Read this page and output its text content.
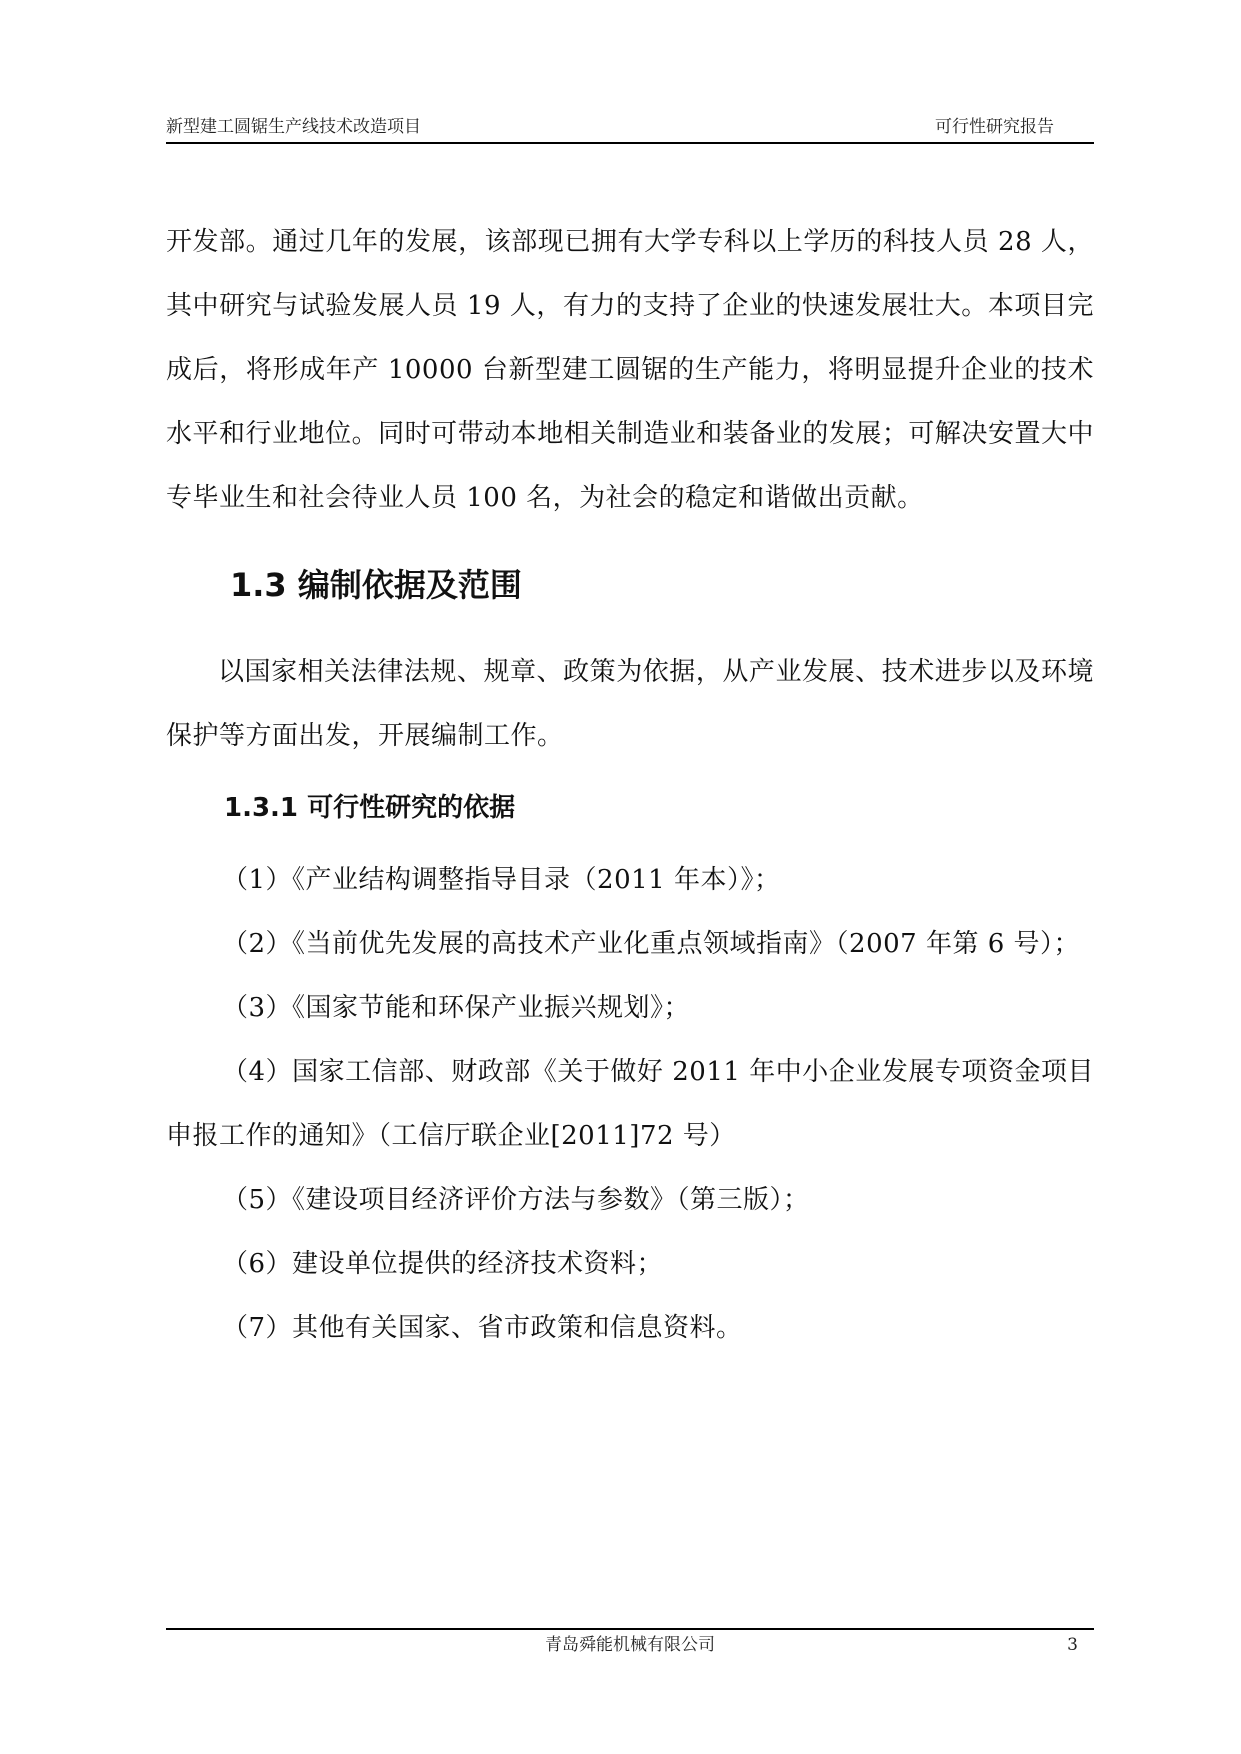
新型建工圆锯生产线技术改造项目	可行性研究报告

开发部。通过几年的发展，该部现已拥有大学专科以上学历的科技人员 28 人，其中研究与试验发展人员 19 人，有力的支持了企业的快速发展壮大。本项目完成后，将形成年产 10000 台新型建工圆锯的生产能力，将明显提升企业的技术水平和行业地位。同时可带动本地相关制造业和装备业的发展；可解决安置大中专毕业生和社会待业人员 100 名，为社会的稳定和谐做出贡献。

1.3 编制依据及范围

以国家相关法律法规、规章、政策为依据，从产业发展、技术进步以及环境保护等方面出发，开展编制工作。

1.3.1 可行性研究的依据

（1）《产业结构调整指导目录（2011 年本）》；

（2）《当前优先发展的高技术产业化重点领域指南》（2007 年第 6 号）；

（3）《国家节能和环保产业振兴规划》；

（4）国家工信部、财政部《关于做好 2011 年中小企业发展专项资金项目申报工作的通知》（工信厅联企业[2011]72 号）

（5）《建设项目经济评价方法与参数》（第三版）；

（6）建设单位提供的经济技术资料；

（7）其他有关国家、省市政策和信息资料。

青岛舜能机械有限公司	3
